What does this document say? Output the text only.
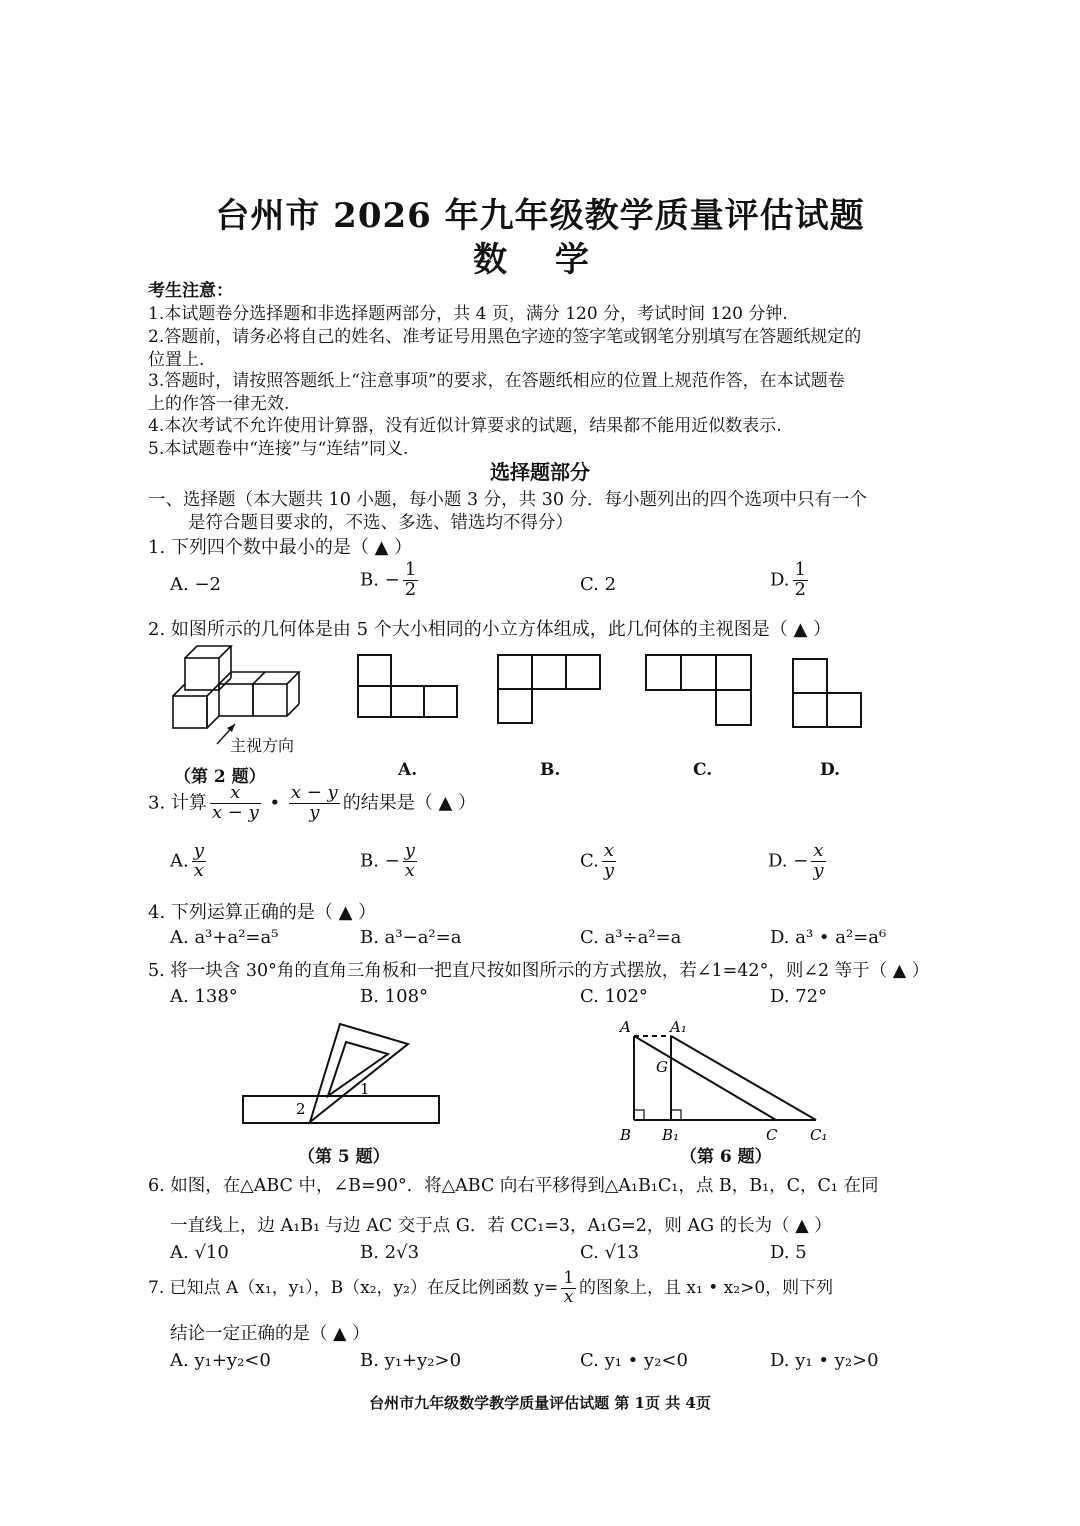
台州市 2026 年九年级教学质量评估试题
数 学
考生注意：
1.本试题卷分选择题和非选择题两部分，共 4 页，满分 120 分，考试时间 120 分钟.
2.答题前，请务必将自己的姓名、准考证号用黑色字迹的签字笔或钢笔分别填写在答题纸规定的
位置上.
3.答题时，请按照答题纸上“注意事项”的要求，在答题纸相应的位置上规范作答，在本试题卷
上的作答一律无效.
4.本次考试不允许使用计算器，没有近似计算要求的试题，结果都不能用近似数表示.
5.本试题卷中“连接”与“连结”同义.
选择题部分
一、选择题（本大题共 10 小题，每小题 3 分，共 30 分．每小题列出的四个选项中只有一个
是符合题目要求的，不选、多选、错选均不得分）
1. 下列四个数中最小的是（ ▲ ）
A. −2	B. − $\frac{1}{2}$	C. 2	D. $\frac{1}{2}$
2. 如图所示的几何体是由 5 个大小相同的小立方体组成，此几何体的主视图是（ ▲ ）
主视方向
（第 2 题）	A.	B.	C.	D.
3. 计算 $\frac{x}{x - y}$ • $\frac{x - y}{y}$ 的结果是（ ▲ ）
A. $\frac{y}{x}$	B. − $\frac{y}{x}$	C. $\frac{x}{y}$	D. − $\frac{x}{y}$
4. 下列运算正确的是（ ▲ ）
A. a³+a²=a⁵	B. a³−a²=a	C. a³÷a²=a	D. a³ • a²=a⁶
5. 将一块含 30°角的直角三角板和一把直尺按如图所示的方式摆放，若∠1=42°，则∠2 等于（ ▲ ）
A. 138°	B. 108°	C. 102°	D. 72°
1
2
（第 5 题）
A	A₁
G
B B₁	C C₁
（第 6 题）
6. 如图，在△ABC 中，∠B=90°．将△ABC 向右平移得到△A₁B₁C₁，点 B，B₁，C，C₁ 在同
一直线上，边 A₁B₁ 与边 AC 交于点 G．若 CC₁=3，A₁G=2，则 AG 的长为（ ▲ ）
A. √10	B. 2√3	C. √13	D. 5
7. 已知点 A（x₁，y₁），B（x₂，y₂）在反比例函数 $y= \frac{1}{x}$ 的图象上，且 x₁ • x₂>0，则下列
结论一定正确的是（ ▲ ）
A. y₁+y₂<0	B. y₁+y₂>0	C. y₁ • y₂<0	D. y₁ • y₂>0
台州市九年级数学教学质量评估试题 第 1页 共 4页
